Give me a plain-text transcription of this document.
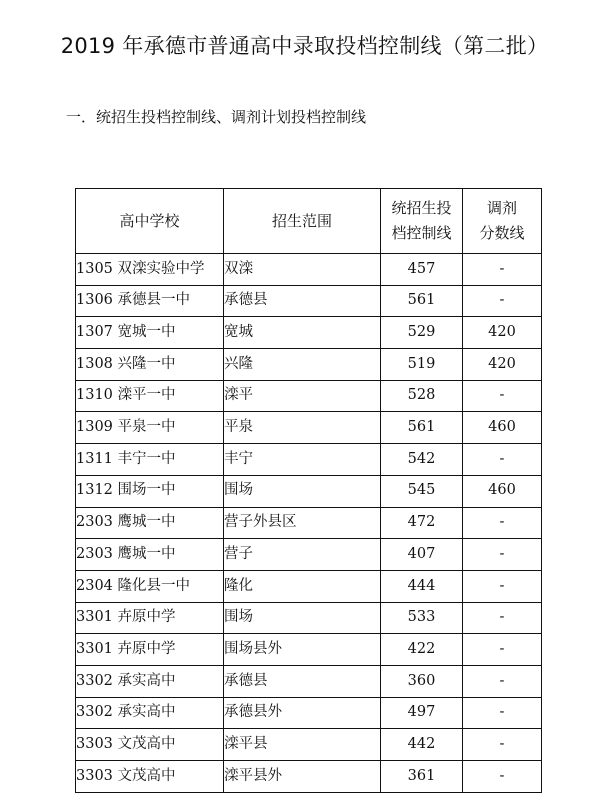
2019 年承德市普通高中录取投档控制线（第二批）
一．统招生投档控制线、调剂计划投档控制线
高中学校	招生范围	统招生投
档控制线	调剂
分数线
1305 双滦实验中学	双滦	457	-
1306 承德县一中	承德县	561	-
1307 宽城一中	宽城	529	420
1308 兴隆一中	兴隆	519	420
1310 滦平一中	滦平	528	-
1309 平泉一中	平泉	561	460
1311 丰宁一中	丰宁	542	-
1312 围场一中	围场	545	460
2303 鹰城一中	营子外县区	472	-
2303 鹰城一中	营子	407	-
2304 隆化县一中	隆化	444	-
3301 卉原中学	围场	533	-
3301 卉原中学	围场县外	422	-
3302 承实高中	承德县	360	-
3302 承实高中	承德县外	497	-
3303 文茂高中	滦平县	442	-
3303 文茂高中	滦平县外	361	-
